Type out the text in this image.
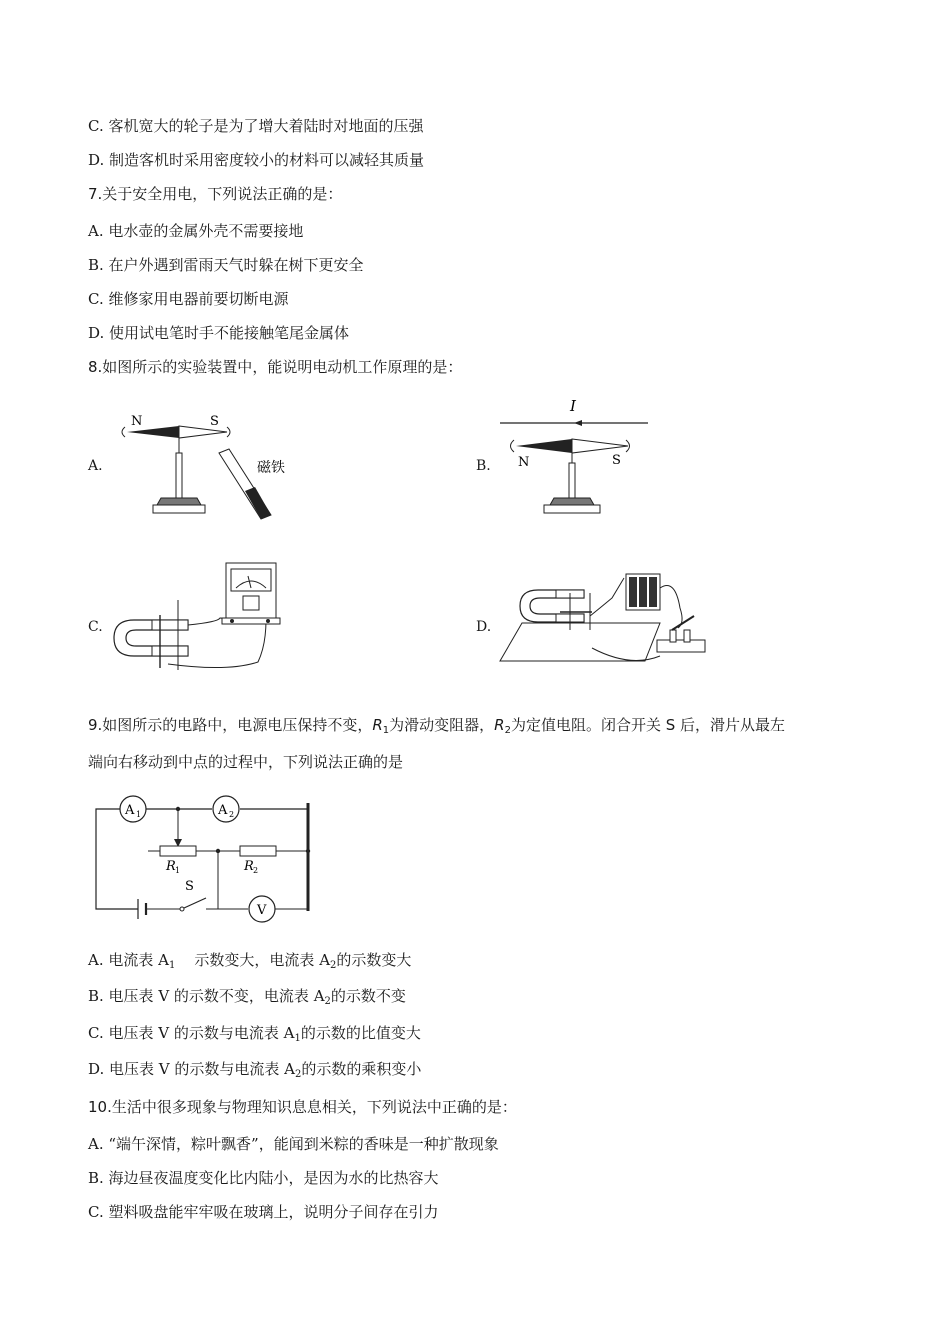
C. 客机宽大的轮子是为了增大着陆时对地面的压强
D. 制造客机时采用密度较小的材料可以减轻其质量
7.关于安全用电，下列说法正确的是：
A. 电水壶的金属外壳不需要接地
B. 在户外遇到雷雨天气时躲在树下更安全
C. 维修家用电器前要切断电源
D. 使用试电笔时手不能接触笔尾金属体
8.如图所示的实验装置中，能说明电动机工作原理的是：
A.	B.
C.	D.
N	S
磁铁
I
N	S
9.如图所示的电路中，电源电压保持不变，$R_1$为滑动变阻器，$R_2$为定值电阻。闭合开关 S 后，滑片从最左
端向右移动到中点的过程中，下列说法正确的是
A 1	A 2
R 1	R 2
S
V
A. 电流表 $A_1$    示数变大，电流表 $A_2$的示数变大
B. 电压表 V 的示数不变，电流表 $A_2$的示数不变
C. 电压表 V 的示数与电流表 $A_1$的示数的比值变大
D. 电压表 V 的示数与电流表 $A_2$的示数的乘积变小
10.生活中很多现象与物理知识息息相关，下列说法中正确的是：
A. “端午深情，粽叶飘香”，能闻到米粽的香味是一种扩散现象
B. 海边昼夜温度变化比内陆小，是因为水的比热容大
C. 塑料吸盘能牢牢吸在玻璃上，说明分子间存在引力
